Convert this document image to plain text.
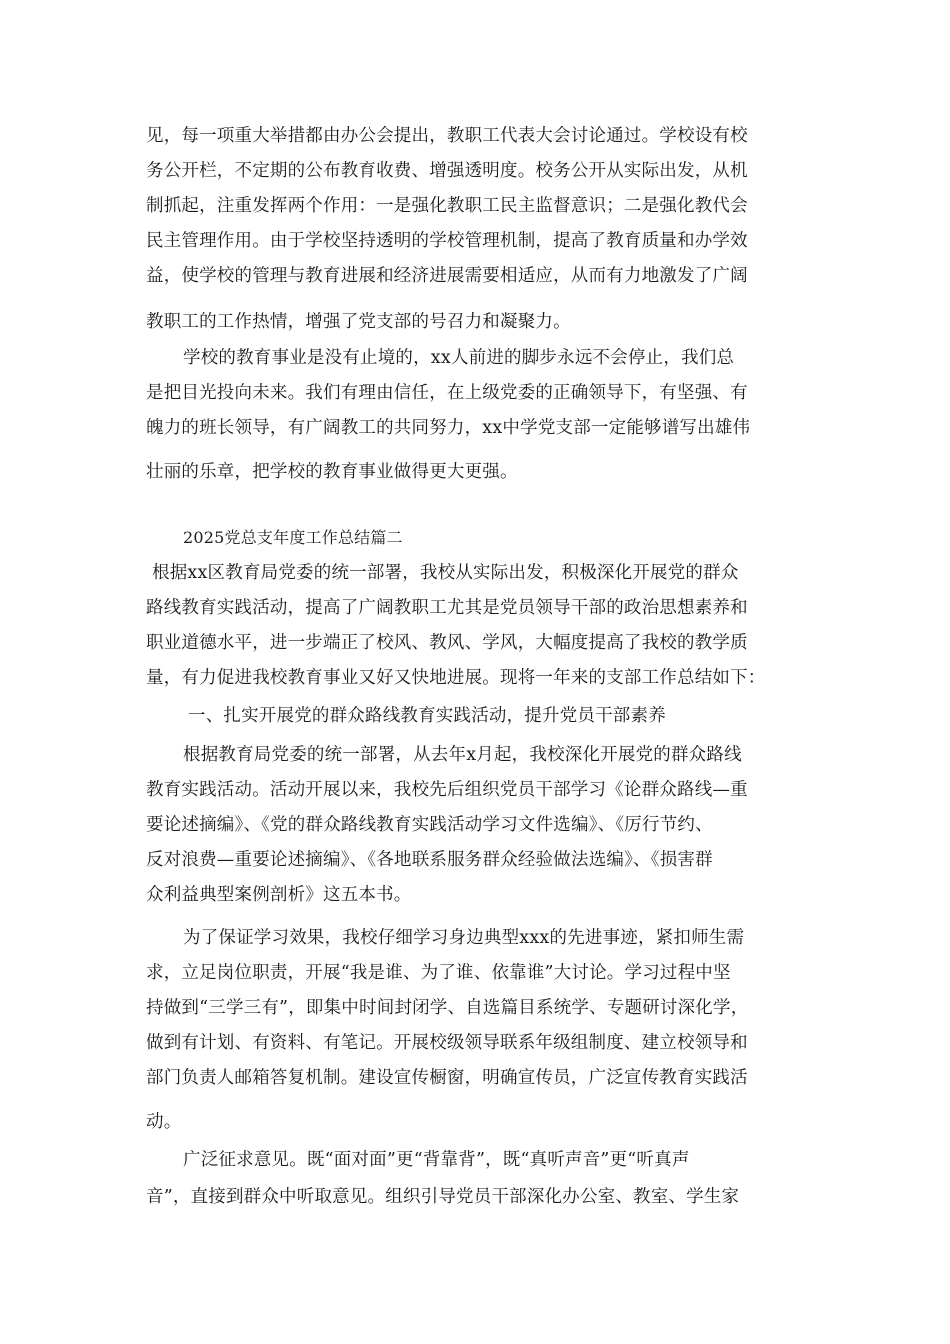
见，每一项重大举措都由办公会提出，教职工代表大会讨论通过。学校设有校
务公开栏，不定期的公布教育收费、增强透明度。校务公开从实际出发，从机
制抓起，注重发挥两个作用：一是强化教职工民主监督意识；二是强化教代会
民主管理作用。由于学校坚持透明的学校管理机制，提高了教育质量和办学效
益，使学校的管理与教育进展和经济进展需要相适应，从而有力地激发了广阔
教职工的工作热情，增强了党支部的号召力和凝聚力。
学校的教育事业是没有止境的，xx人前进的脚步永远不会停止，我们总
是把目光投向未来。我们有理由信任，在上级党委的正确领导下，有坚强、有
魄力的班长领导，有广阔教工的共同努力，xx中学党支部一定能够谱写出雄伟
壮丽的乐章，把学校的教育事业做得更大更强。
2025党总支年度工作总结篇二
根据xx区教育局党委的统一部署，我校从实际出发，积极深化开展党的群众
路线教育实践活动，提高了广阔教职工尤其是党员领导干部的政治思想素养和
职业道德水平，进一步端正了校风、教风、学风，大幅度提高了我校的教学质
量，有力促进我校教育事业又好又快地进展。现将一年来的支部工作总结如下：
一、扎实开展党的群众路线教育实践活动，提升党员干部素养
根据教育局党委的统一部署，从去年x月起，我校深化开展党的群众路线
教育实践活动。活动开展以来，我校先后组织党员干部学习《论群众路线—重
要论述摘编》、《党的群众路线教育实践活动学习文件选编》、《厉行节约、
反对浪费—重要论述摘编》、《各地联系服务群众经验做法选编》、《损害群
众利益典型案例剖析》这五本书。
为了保证学习效果，我校仔细学习身边典型xxx的先进事迹，紧扣师生需
求，立足岗位职责，开展“我是谁、为了谁、依靠谁”大讨论。学习过程中坚
持做到“三学三有”，即集中时间封闭学、自选篇目系统学、专题研讨深化学，
做到有计划、有资料、有笔记。开展校级领导联系年级组制度、建立校领导和
部门负责人邮箱答复机制。建设宣传橱窗，明确宣传员，广泛宣传教育实践活
动。
广泛征求意见。既“面对面”更“背靠背”，既“真听声音”更“听真声
音”，直接到群众中听取意见。组织引导党员干部深化办公室、教室、学生家
